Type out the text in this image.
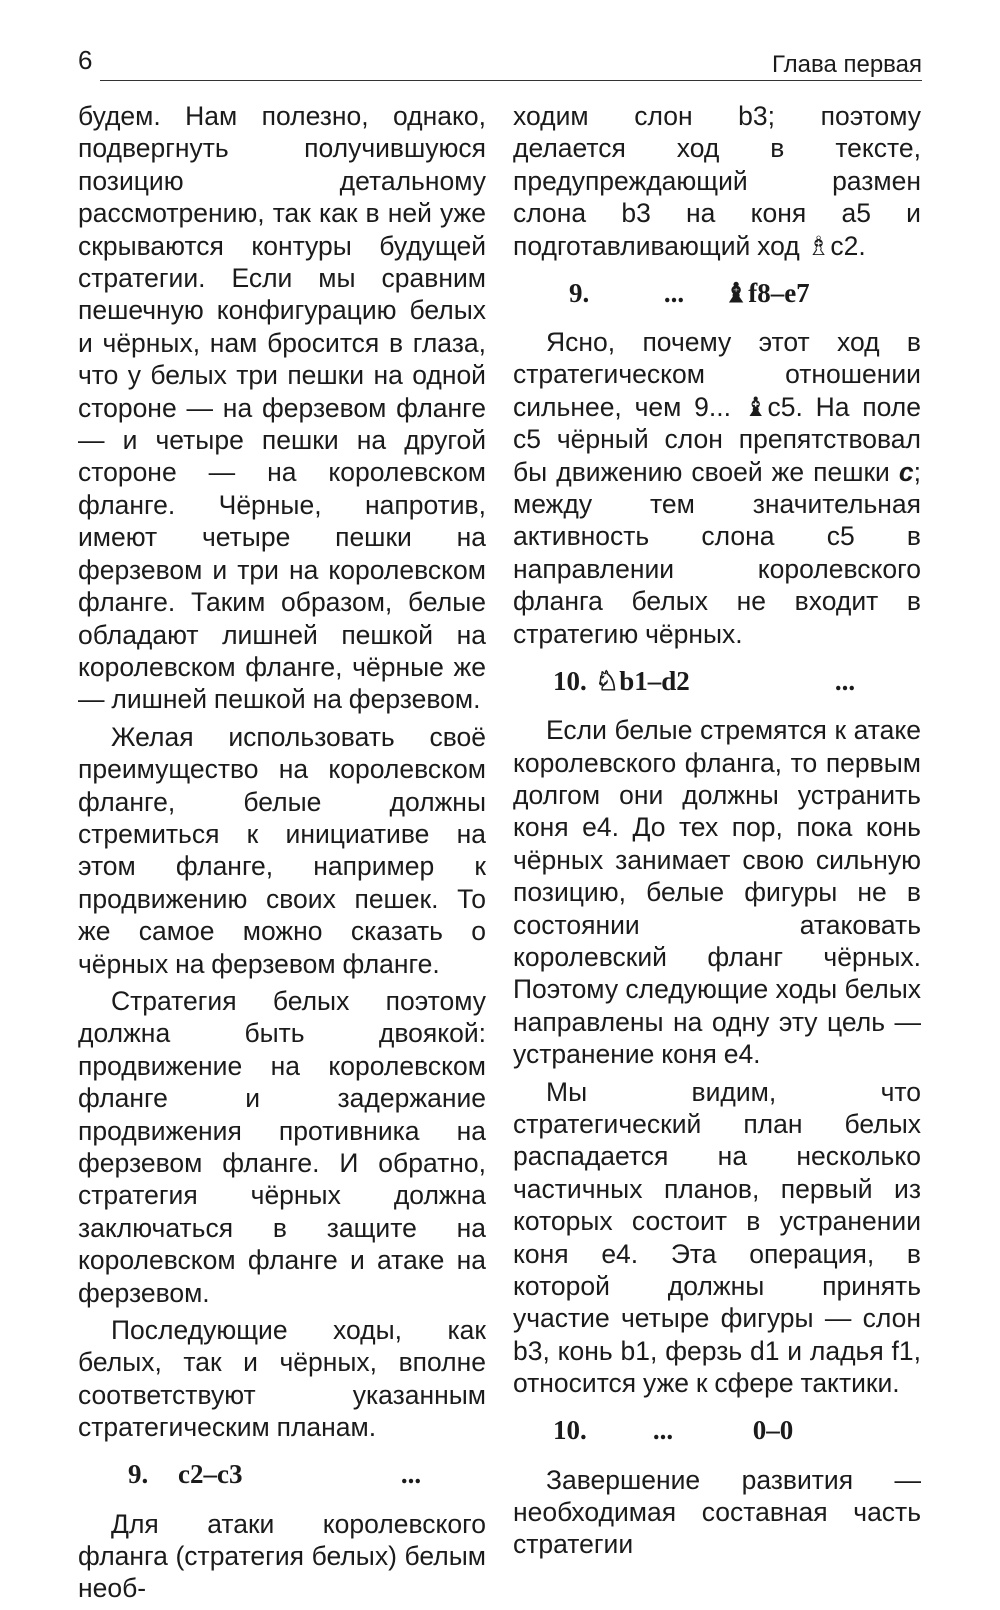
6	Глава первая

будем. Нам полезно, однако, подвергнуть получившуюся позицию детальному рассмотрению, так как в ней уже скрываются контуры будущей стратегии. Если мы сравним пешечную конфигурацию белых и чёрных, нам бросится в глаза, что у белых три пешки на одной стороне — на ферзевом фланге — и четыре пешки на другой стороне — на королевском фланге. Чёрные, напротив, имеют четыре пешки на ферзевом и три на королевском фланге. Таким образом, белые обладают лишней пешкой на королевском фланге, чёрные же — лишней пешкой на ферзевом.

Желая использовать своё преимущество на королевском фланге, белые должны стремиться к инициативе на этом фланге, например к продвижению своих пешек. То же самое можно сказать о чёрных на ферзевом фланге.

Стратегия белых поэтому должна быть двоякой: продвижение на королевском фланге и задержание продвижения противника на ферзевом фланге. И обратно, стратегия чёрных должна заключаться в защите на королевском фланге и атаке на ферзевом.

Последующие ходы, как белых, так и чёрных, вполне соответствуют указанным стратегическим планам.

9.	c2–c3	...

Для атаки королевского фланга (стратегия белых) белым необ-

ходим слон b3; поэтому делается ход в тексте, предупреждающий размен слона b3 на коня a5 и подготавливающий ход ♗c2.

9.	...	♝f8–e7

Ясно, почему этот ход в стратегическом отношении сильнее, чем 9... ♝c5. На поле c5 чёрный слон препятствовал бы движению своей же пешки c; между тем значительная активность слона c5 в направлении королевского фланга белых не входит в стратегию чёрных.

10. ♘b1–d2	...

Если белые стремятся к атаке королевского фланга, то первым долгом они должны устранить коня e4. До тех пор, пока конь чёрных занимает свою сильную позицию, белые фигуры не в состоянии атаковать королевский фланг чёрных. Поэтому следующие ходы белых направлены на одну эту цель — устранение коня e4.

Мы видим, что стратегический план белых распадается на несколько частичных планов, первый из которых состоит в устранении коня e4. Эта операция, в которой должны принять участие четыре фигуры — слон b3, конь b1, ферзь d1 и ладья f1, относится уже к сфере тактики.

10.	...	0–0

Завершение развития — необходимая составная часть стратегии
